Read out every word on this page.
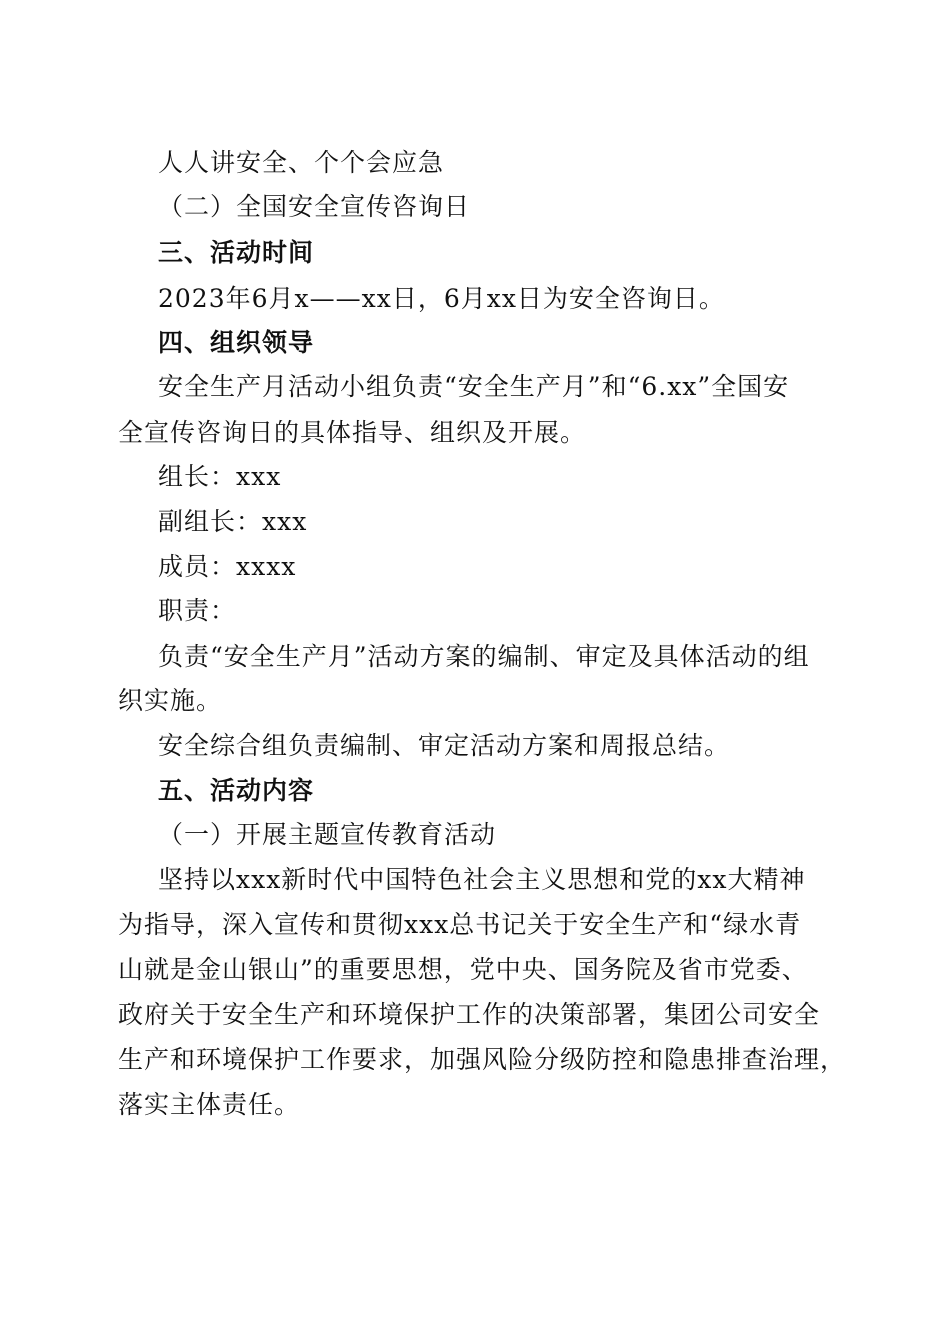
人人讲安全、个个会应急
（二）全国安全宣传咨询日
三、活动时间
2023年6月x——xx日，6月xx日为安全咨询日。
四、组织领导
安全生产月活动小组负责“安全生产月”和“6.xx”全国安
全宣传咨询日的具体指导、组织及开展。
组长：xxx
副组长：xxx
成员：xxxx
职责：
负责“安全生产月”活动方案的编制、审定及具体活动的组
织实施。
安全综合组负责编制、审定活动方案和周报总结。
五、活动内容
（一）开展主题宣传教育活动
坚持以xxx新时代中国特色社会主义思想和党的xx大精神
为指导，深入宣传和贯彻xxx总书记关于安全生产和“绿水青
山就是金山银山”的重要思想，党中央、国务院及省市党委、
政府关于安全生产和环境保护工作的决策部署，集团公司安全
生产和环境保护工作要求，加强风险分级防控和隐患排查治理，
落实主体责任。
